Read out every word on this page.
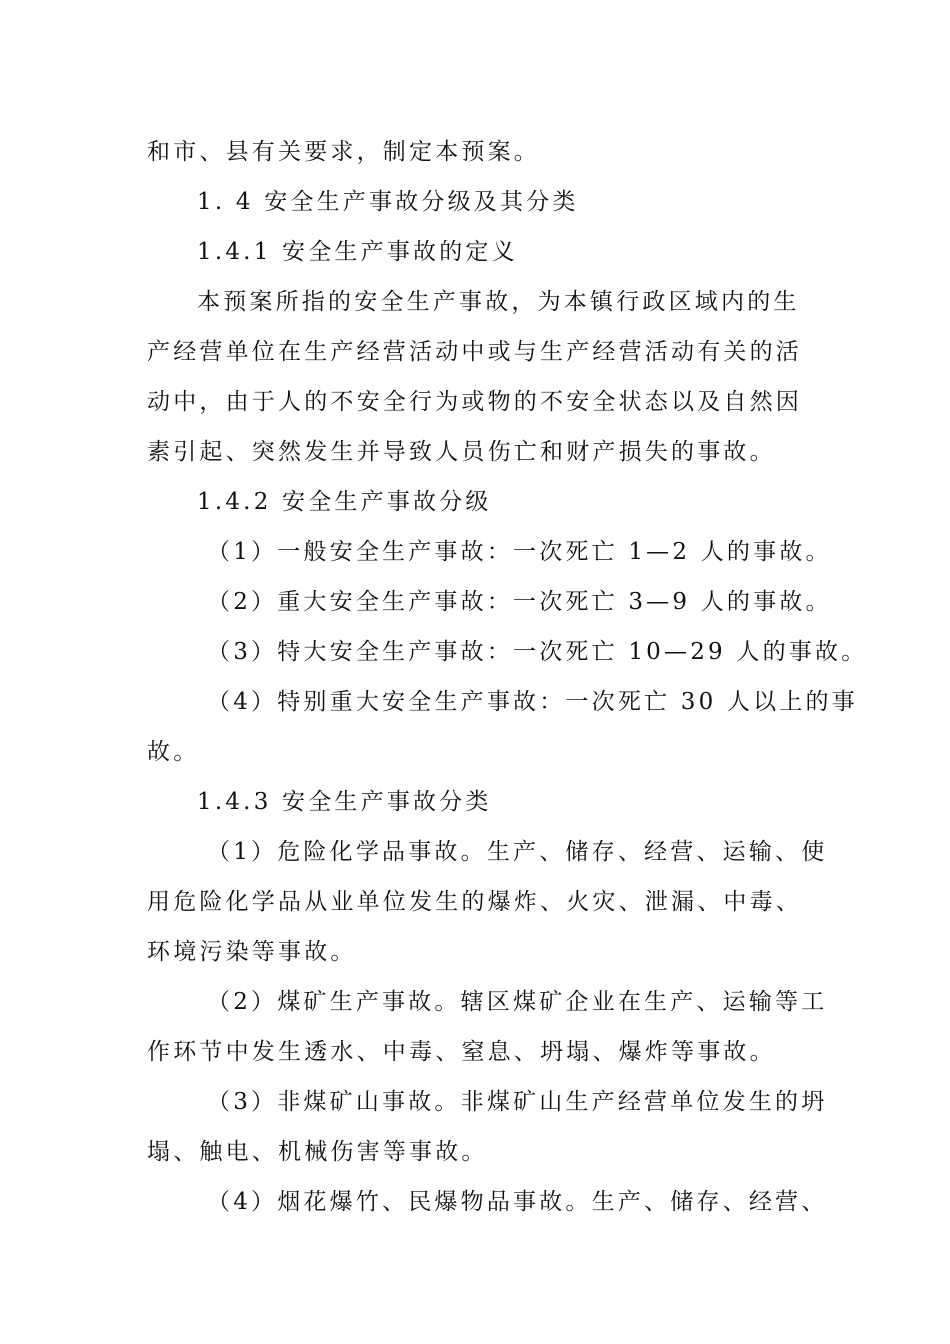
和市、县有关要求，制定本预案。
1. 4 安全生产事故分级及其分类
1.4.1 安全生产事故的定义
本预案所指的安全生产事故，为本镇行政区域内的生
产经营单位在生产经营活动中或与生产经营活动有关的活
动中，由于人的不安全行为或物的不安全状态以及自然因
素引起、突然发生并导致人员伤亡和财产损失的事故。
1.4.2 安全生产事故分级
（1）一般安全生产事故：一次死亡 1—2 人的事故。
（2）重大安全生产事故：一次死亡 3—9 人的事故。
（3）特大安全生产事故：一次死亡 10—29 人的事故。
（4）特别重大安全生产事故：一次死亡 30 人以上的事
故。
1.4.3 安全生产事故分类
（1）危险化学品事故。生产、储存、经营、运输、使
用危险化学品从业单位发生的爆炸、火灾、泄漏、中毒、
环境污染等事故。
（2）煤矿生产事故。辖区煤矿企业在生产、运输等工
作环节中发生透水、中毒、窒息、坍塌、爆炸等事故。
（3）非煤矿山事故。非煤矿山生产经营单位发生的坍
塌、触电、机械伤害等事故。
（4）烟花爆竹、民爆物品事故。生产、储存、经营、
